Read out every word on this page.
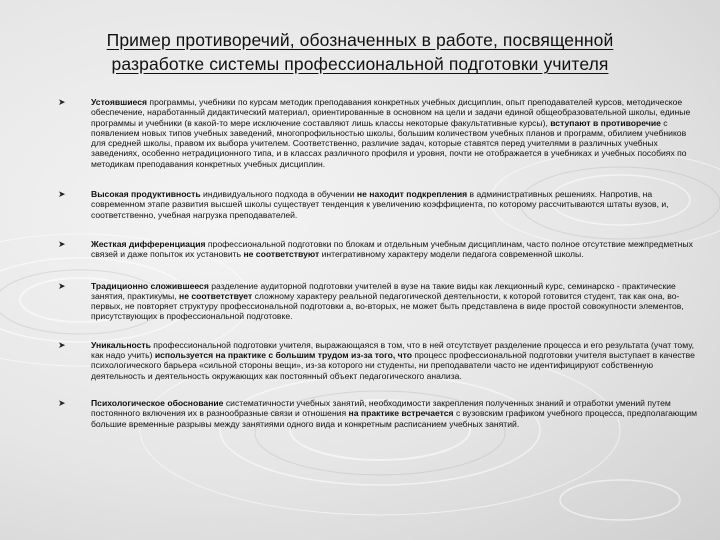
Пример противоречий, обозначенных в работе, посвященной
разработке системы профессиональной подготовки учителя
➤	Устоявшиеся программы, учебники по курсам методик преподавания конкретных учебных дисциплин, опыт преподавателей курсов, методическое обеспечение, наработанный дидактический материал, ориентированные в основном на цели и задачи единой общеобразовательной школы, единые программы и учебники (в какой-то мере исключение составляют лишь классы некоторые факультативные курсы), вступают в противоречие с появлением новых типов учебных заведений, многопрофильностью школы, большим количеством учебных планов и программ, обилием учебников для средней школы, правом их выбора учителем. Соответственно, различие задач, которые ставятся перед учителями в различных учебных заведениях, особенно нетрадиционного типа, и в классах различного профиля и уровня, почти не отображается в учебниках и учебных пособиях по методикам преподавания конкретных учебных дисциплин.
➤	Высокая продуктивность индивидуального подхода в обучении не находит подкрепления в административных решениях. Напротив, на современном этапе развития высшей школы существует тенденция к увеличению коэффициента, по которому рассчитываются штаты вузов, и, соответственно, учебная нагрузка преподавателей.
➤	Жесткая дифференциация профессиональной подготовки по блокам и отдельным учебным дисциплинам, часто полное отсутствие межпредметных связей и даже попыток их установить не соответствуют интегративному характеру модели педагога современной школы.
➤	Традиционно сложившееся разделение аудиторной подготовки учителей в вузе на такие виды как лекционный курс, семинарско - практические занятия, практикумы, не соответствует сложному характеру реальной педагогической деятельности, к которой готовится студент, так как она, во-первых, не повторяет структуру профессиональной подготовки а, во-вторых, не может быть представлена в виде простой совокупности элементов, присутствующих в профессиональной подготовке.
➤	Уникальность профессиональной подготовки учителя, выражающаяся в том, что в ней отсутствует разделение процесса и его результата (учат тому, как надо учить) используется на практике с большим трудом из-за того, что процесс профессиональной подготовки учителя выступает в качестве психологического барьера «сильной стороны вещи», из-за которого ни студенты, ни преподаватели часто не идентифицируют собственную деятельность и деятельность окружающих как постоянный объект педагогического анализа.
➤	Психологическое обоснование систематичности учебных занятий, необходимости закрепления полученных знаний и отработки умений путем постоянного включения их в разнообразные связи и отношения на практике встречается с вузовским графиком учебного процесса, предполагающим большие временные разрывы между занятиями одного вида и конкретным расписанием учебных занятий.
